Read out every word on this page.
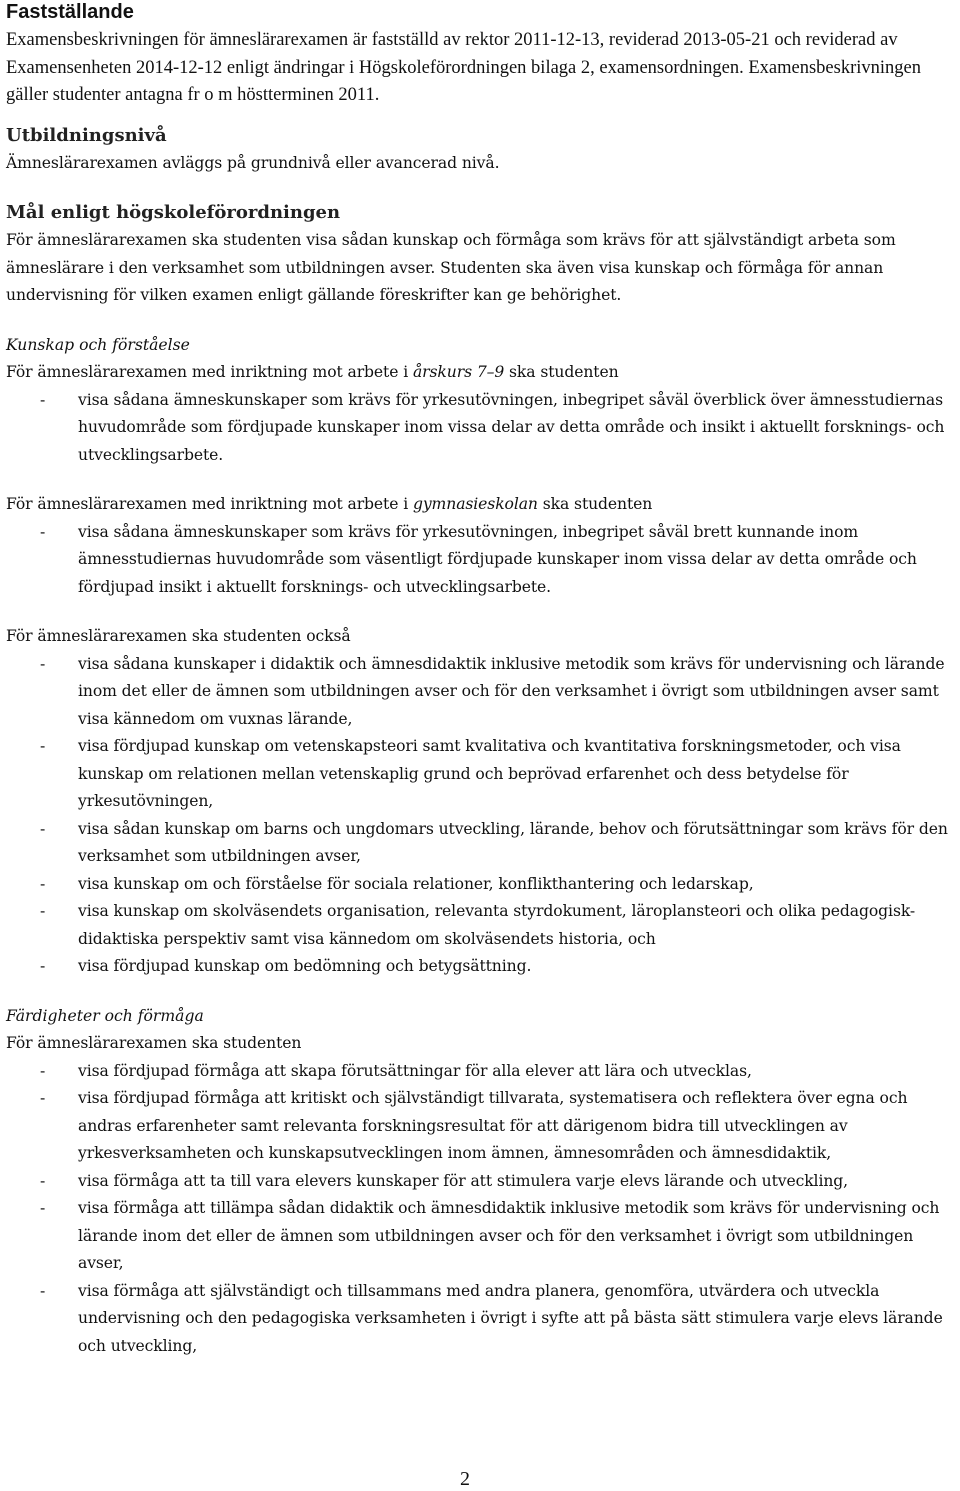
Fastställande

Examensbeskrivningen för ämneslärarexamen är fastställd av rektor 2011-12-13, reviderad 2013-05-21 och reviderad av Examensenheten 2014-12-12 enligt ändringar i Högskoleförordningen bilaga 2, examensordningen. Examensbeskrivningen gäller studenter antagna fr o m höstterminen 2011.

Utbildningsnivå

Ämneslärarexamen avläggs på grundnivå eller avancerad nivå.

Mål enligt högskoleförordningen

För ämneslärarexamen ska studenten visa sådan kunskap och förmåga som krävs för att självständigt arbeta som ämneslärare i den verksamhet som utbildningen avser. Studenten ska även visa kunskap och förmåga för annan undervisning för vilken examen enligt gällande föreskrifter kan ge behörighet.

Kunskap och förståelse

För ämneslärarexamen med inriktning mot arbete i årskurs 7–9 ska studenten

- visa sådana ämneskunskaper som krävs för yrkesutövningen, inbegripet såväl överblick över ämnesstudiernas huvudområde som fördjupade kunskaper inom vissa delar av detta område och insikt i aktuellt forsknings- och utvecklingsarbete.

För ämneslärarexamen med inriktning mot arbete i gymnasieskolan ska studenten

- visa sådana ämneskunskaper som krävs för yrkesutövningen, inbegripet såväl brett kunnande inom ämnesstudiernas huvudområde som väsentligt fördjupade kunskaper inom vissa delar av detta område och fördjupad insikt i aktuellt forsknings- och utvecklingsarbete.

För ämneslärarexamen ska studenten också

- visa sådana kunskaper i didaktik och ämnesdidaktik inklusive metodik som krävs för undervisning och lärande inom det eller de ämnen som utbildningen avser och för den verksamhet i övrigt som utbildningen avser samt visa kännedom om vuxnas lärande,
- visa fördjupad kunskap om vetenskapsteori samt kvalitativa och kvantitativa forskningsmetoder, och visa kunskap om relationen mellan vetenskaplig grund och beprövad erfarenhet och dess betydelse för yrkesutövningen,
- visa sådan kunskap om barns och ungdomars utveckling, lärande, behov och förutsättningar som krävs för den verksamhet som utbildningen avser,
- visa kunskap om och förståelse för sociala relationer, konflikthantering och ledarskap,
- visa kunskap om skolväsendets organisation, relevanta styrdokument, läroplansteori och olika pedagogisk-didaktiska perspektiv samt visa kännedom om skolväsendets historia, och
- visa fördjupad kunskap om bedömning och betygsättning.
Färdigheter och förmåga

För ämneslärarexamen ska studenten

- visa fördjupad förmåga att skapa förutsättningar för alla elever att lära och utvecklas,
- visa fördjupad förmåga att kritiskt och självständigt tillvarata, systematisera och reflektera över egna och andras erfarenheter samt relevanta forskningsresultat för att därigenom bidra till utvecklingen av yrkesverksamheten och kunskapsutvecklingen inom ämnen, ämnesområden och ämnesdidaktik,
- visa förmåga att ta till vara elevers kunskaper för att stimulera varje elevs lärande och utveckling,
- visa förmåga att tillämpa sådan didaktik och ämnesdidaktik inklusive metodik som krävs för undervisning och lärande inom det eller de ämnen som utbildningen avser och för den verksamhet i övrigt som utbildningen avser,
- visa förmåga att självständigt och tillsammans med andra planera, genomföra, utvärdera och utveckla undervisning och den pedagogiska verksamheten i övrigt i syfte att på bästa sätt stimulera varje elevs lärande och utveckling,
2
